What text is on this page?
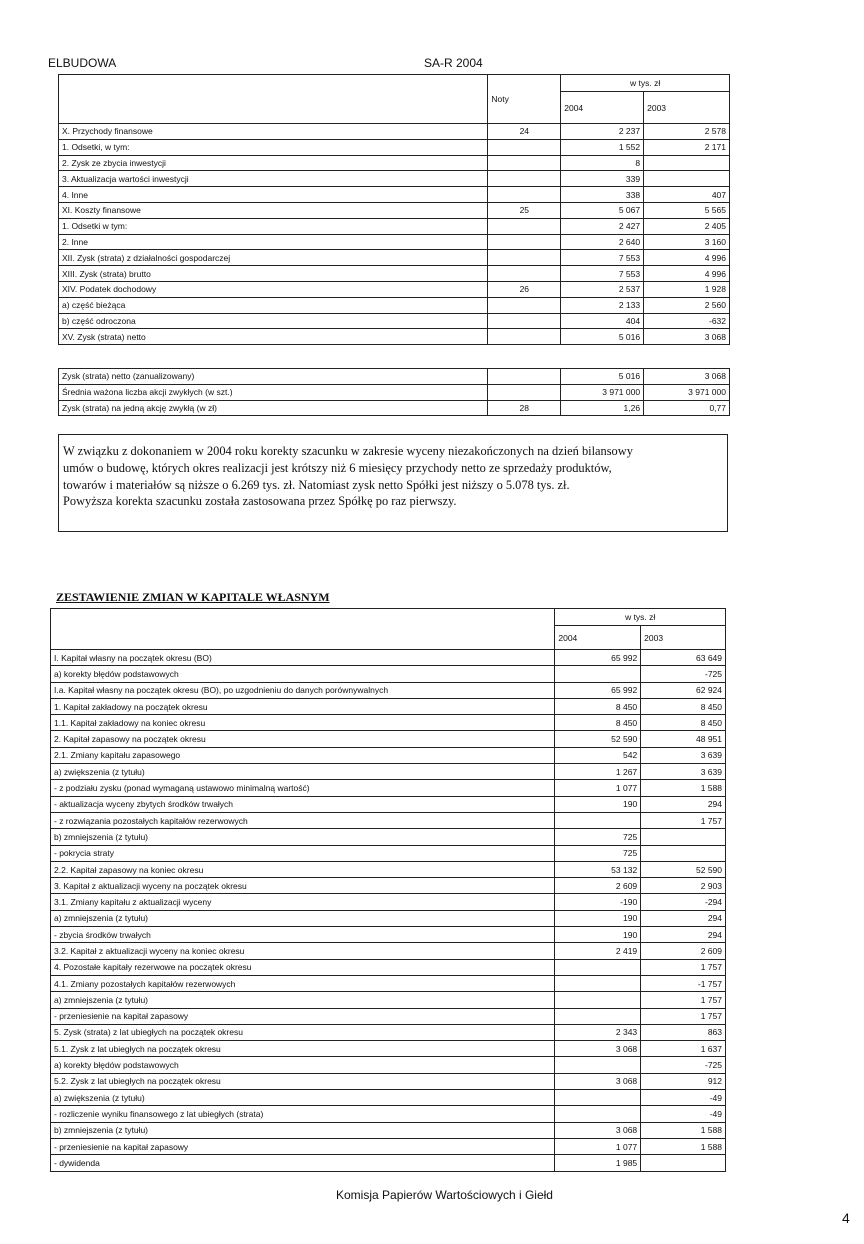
ELBUDOWA	SA-R 2004
	Noty	w tys. zł	
		2004	2003
X. Przychody finansowe	24	2 237	2 578
1. Odsetki, w tym:		1 552	2 171
2. Zysk ze zbycia inwestycji		8	
3. Aktualizacja wartości inwestycji		339	
4. Inne		338	407
XI. Koszty finansowe	25	5 067	5 565
1. Odsetki w tym:		2 427	2 405
2. Inne		2 640	3 160
XII. Zysk (strata) z działalności gospodarczej		7 553	4 996
XIII. Zysk (strata) brutto		7 553	4 996
XIV. Podatek dochodowy	26	2 537	1 928
a) część bieżąca		2 133	2 560
b) część odroczona		404	-632
XV. Zysk (strata) netto		5 016	3 068
Zysk (strata) netto (zanualizowany)		5 016	3 068
Średnia ważona liczba akcji zwykłych (w szt.)		3 971 000	3 971 000
Zysk (strata) na jedną akcję zwykłą (w zł)	28	1,26	0,77
W związku z dokonaniem w 2004 roku korekty szacunku w zakresie wyceny niezakończonych na dzień bilansowy
umów o budowę, których okres realizacji jest krótszy niż 6 miesięcy przychody netto ze sprzedaży produktów,
towarów i materiałów są niższe o 6.269 tys. zł. Natomiast zysk netto Spółki jest niższy o 5.078 tys. zł.
Powyższa korekta szacunku została zastosowana przez Spółkę po raz pierwszy.
ZESTAWIENIE ZMIAN W KAPITALE WŁASNYM
	w tys. zł	
	2004	2003
I. Kapitał własny na początek okresu (BO)	65 992	63 649
a) korekty błędów podstawowych		-725
I.a. Kapitał własny na początek okresu (BO), po uzgodnieniu do danych porównywalnych	65 992	62 924
1. Kapitał zakładowy na początek okresu	8 450	8 450
1.1. Kapitał zakładowy na koniec okresu	8 450	8 450
2. Kapitał zapasowy na początek okresu	52 590	48 951
2.1. Zmiany kapitału zapasowego	542	3 639
a) zwiększenia (z tytułu)	1 267	3 639
- z podziału zysku (ponad wymaganą ustawowo minimalną wartość)	1 077	1 588
- aktualizacja wyceny zbytych środków trwałych	190	294
- z rozwiązania pozostałych kapitałów rezerwowych		1 757
b) zmniejszenia (z tytułu)	725	
- pokrycia straty	725	
2.2. Kapitał zapasowy na koniec okresu	53 132	52 590
3. Kapitał z aktualizacji wyceny na początek okresu	2 609	2 903
3.1. Zmiany kapitału z aktualizacji wyceny	-190	-294
a) zmniejszenia (z tytułu)	190	294
- zbycia środków trwałych	190	294
3.2. Kapitał z aktualizacji wyceny na koniec okresu	2 419	2 609
4. Pozostałe kapitały rezerwowe na początek okresu		1 757
4.1. Zmiany pozostałych kapitałów rezerwowych		-1 757
a) zmniejszenia (z tytułu)		1 757
- przeniesienie na kapitał zapasowy		1 757
5. Zysk (strata) z lat ubiegłych na początek okresu	2 343	863
5.1. Zysk z lat ubiegłych na początek okresu	3 068	1 637
a) korekty błędów podstawowych		-725
5.2. Zysk z lat ubiegłych na początek okresu	3 068	912
a) zwiększenia (z tytułu)		-49
- rozliczenie wyniku finansowego z lat ubiegłych (strata)		-49
b) zmniejszenia (z tytułu)	3 068	1 588
- przeniesienie na kapitał zapasowy	1 077	1 588
- dywidenda	1 985	
Komisja Papierów Wartościowych i Giełd
4
